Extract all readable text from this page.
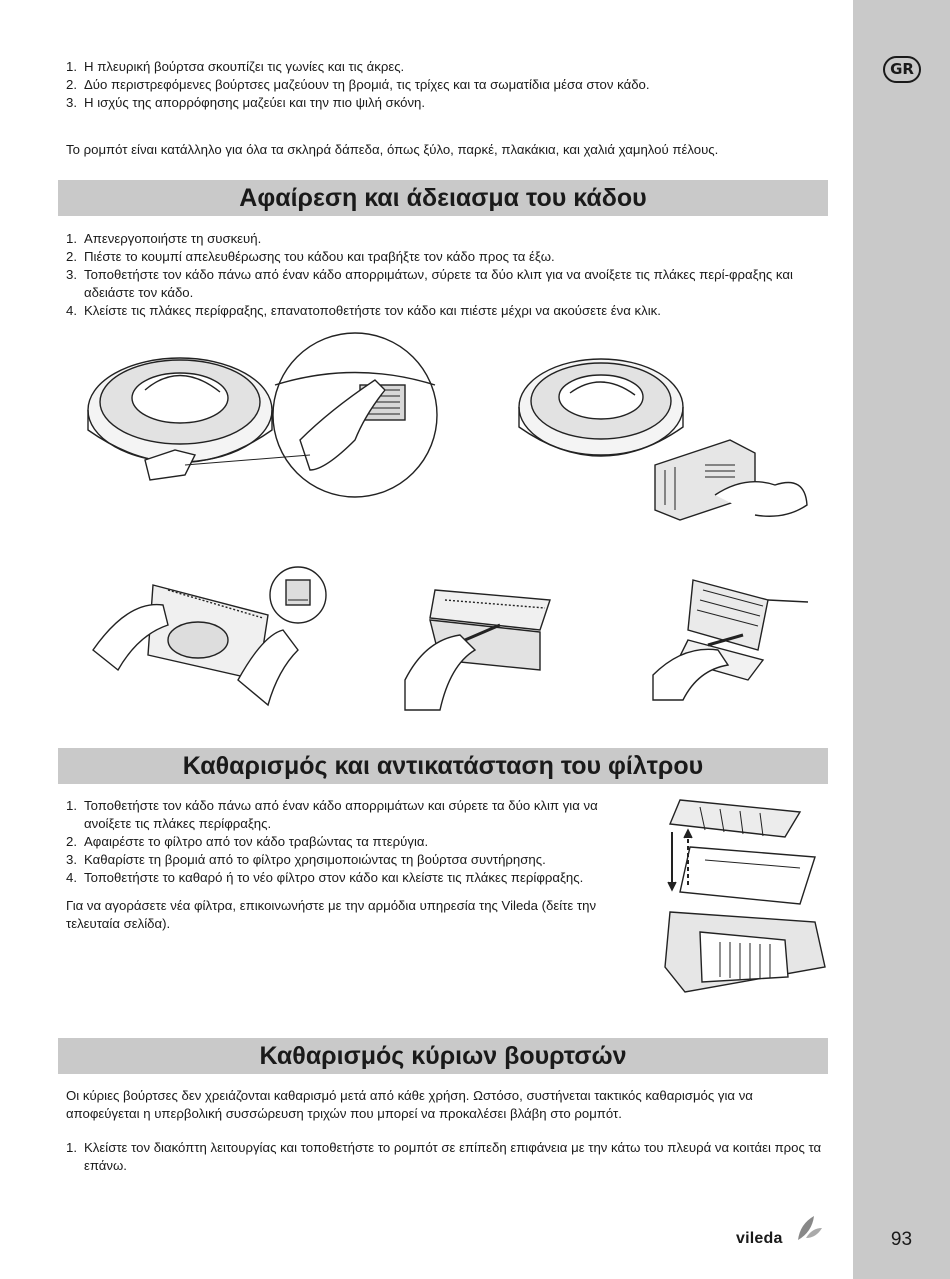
GR
93
1. Η πλευρική βούρτσα σκουπίζει τις γωνίες και τις άκρες.
2. Δύο περιστρεφόμενες βούρτσες μαζεύουν τη βρομιά, τις τρίχες και τα σωματίδια μέσα στον κάδο.
3. Η ισχύς της απορρόφησης μαζεύει και την πιο ψιλή σκόνη.

Το ρομπότ είναι κατάλληλο για όλα τα σκληρά δάπεδα, όπως ξύλο, παρκέ, πλακάκια, και χαλιά χαμηλού πέλους.

Αφαίρεση και άδειασμα του κάδου
1. Απενεργοποιήστε τη συσκευή.
2. Πιέστε το κουμπί απελευθέρωσης του κάδου και τραβήξτε τον κάδο προς τα έξω.
3. Τοποθετήστε τον κάδο πάνω από έναν κάδο απορριμάτων, σύρετε τα δύο κλιπ για να ανοίξετε τις πλάκες περί-φραξης και αδειάστε τον κάδο.
4. Κλείστε τις πλάκες περίφραξης, επανατοποθετήστε τον κάδο και πιέστε μέχρι να ακούσετε ένα κλικ.
Καθαρισμός και αντικατάσταση του φίλτρου
1. Τοποθετήστε τον κάδο πάνω από έναν κάδο απορριμάτων και σύρετε τα δύο κλιπ για να ανοίξετε τις πλάκες περίφραξης.
2. Αφαιρέστε το φίλτρο από τον κάδο τραβώντας τα πτερύγια.
3. Καθαρίστε τη βρομιά από το φίλτρο χρησιμοποιώντας τη βούρτσα συντήρησης.
4. Τοποθετήστε το καθαρό ή το νέο φίλτρο στον κάδο και κλείστε τις πλάκες περίφραξης.

Για να αγοράσετε νέα φίλτρα, επικοινωνήστε με την αρμόδια υπηρεσία της Vileda (δείτε την τελευταία σελίδα).

Καθαρισμός κύριων βουρτσών

Οι κύριες βούρτσες δεν χρειάζονται καθαρισμό μετά από κάθε χρήση. Ωστόσο, συστήνεται τακτικός καθαρισμός για να αποφεύγεται η υπερβολική συσσώρευση τριχών που μπορεί να προκαλέσει βλάβη στο ρομπότ.

1. Κλείστε τον διακόπτη λειτουργίας και τοποθετήστε το ρομπότ σε επίπεδη επιφάνεια με την κάτω του πλευρά να κοιτάει προς τα επάνω.
vileda
